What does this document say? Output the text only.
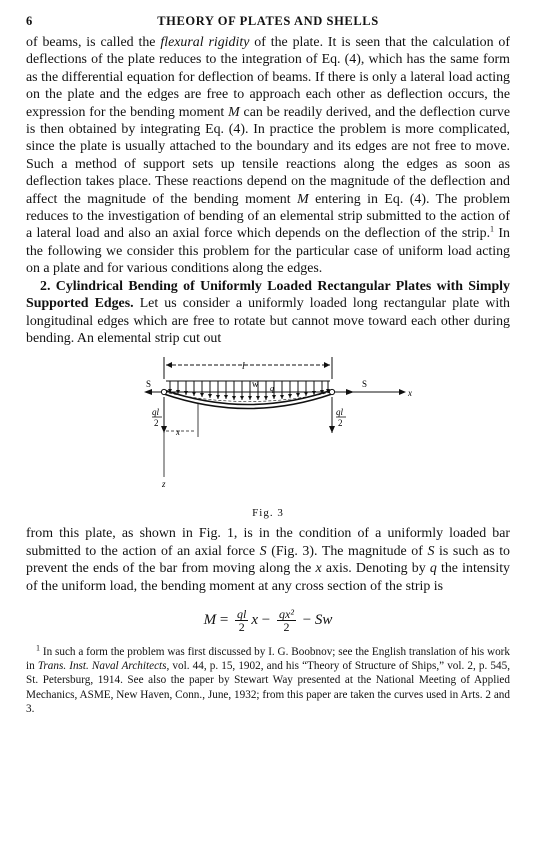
6	THEORY OF PLATES AND SHELLS

of beams, is called the flexural rigidity of the plate. It is seen that the calculation of deflections of the plate reduces to the integration of Eq. (4), which has the same form as the differential equation for deflection of beams. If there is only a lateral load acting on the plate and the edges are free to approach each other as deflection occurs, the expression for the bending moment M can be readily derived, and the deflection curve is then obtained by integrating Eq. (4). In practice the problem is more complicated, since the plate is usually attached to the boundary and its edges are not free to move. Such a method of support sets up tensile reactions along the edges as soon as deflection takes place. These reactions depend on the magnitude of the deflection and affect the magnitude of the bending moment M entering in Eq. (4). The problem reduces to the investigation of bending of an elemental strip submitted to the action of a lateral load and also an axial force which depends on the deflection of the strip.$^1$ In the following we consider this problem for the particular case of uniform load acting on a plate and for various conditions along the edges.

2. Cylindrical Bending of Uniformly Loaded Rectangular Plates with Simply Supported Edges. Let us consider a uniformly loaded long rectangular plate with longitudinal edges which are free to rotate but cannot move toward each other during bending. An elemental strip cut out

l
w q	x
S	S
ql
2
ql
2
x
z
Fig. 3

from this plate, as shown in Fig. 1, is in the condition of a uniformly loaded bar submitted to the action of an axial force S (Fig. 3). The magnitude of S is such as to prevent the ends of the bar from moving along the x axis. Denoting by q the intensity of the uniform load, the bending moment at any cross section of the strip is

$M = \frac{ql}{2}$ $x - \frac{\text{qx²}}{2} - Sw$

$^1$ In such a form the problem was first discussed by I. G. Boobnov; see the English translation of his work in Trans. Inst. Naval Architects, vol. 44, p. 15, 1902, and his “Theory of Structure of Ships,” vol. 2, p. 545, St. Petersburg, 1914. See also the paper by Stewart Way presented at the National Meeting of Applied Mechanics, ASME, New Haven, Conn., June, 1932; from this paper are taken the curves used in Arts. 2 and 3.
